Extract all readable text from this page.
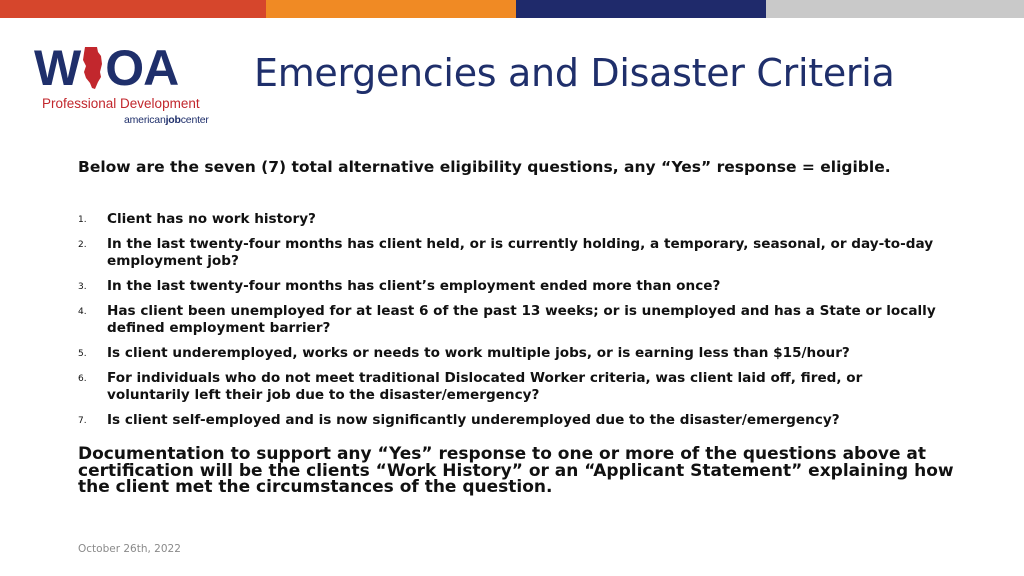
W OA
Professional Development
americanjobcenter
Emergencies and Disaster Criteria
Below are the seven (7) total alternative eligibility questions, any “Yes” response = eligible.
1. Client has no work history?
2. In the last twenty-four months has client held, or is currently holding, a temporary, seasonal, or day-to-day employment job?
3. In the last twenty-four months has client’s employment ended more than once?
4. Has client been unemployed for at least 6 of the past 13 weeks; or is unemployed and has a State or locally defined employment barrier?
5. Is client underemployed, works or needs to work multiple jobs, or is earning less than $15/hour?
6. For individuals who do not meet traditional Dislocated Worker criteria, was client laid off, fired, or voluntarily left their job due to the disaster/emergency?
7. Is client self-employed and is now significantly underemployed due to the disaster/emergency?
Documentation to support any “Yes” response to one or more of the questions above at certification will be the clients “Work History” or an “Applicant Statement” explaining how the client met the circumstances of the question.
October 26th, 2022
